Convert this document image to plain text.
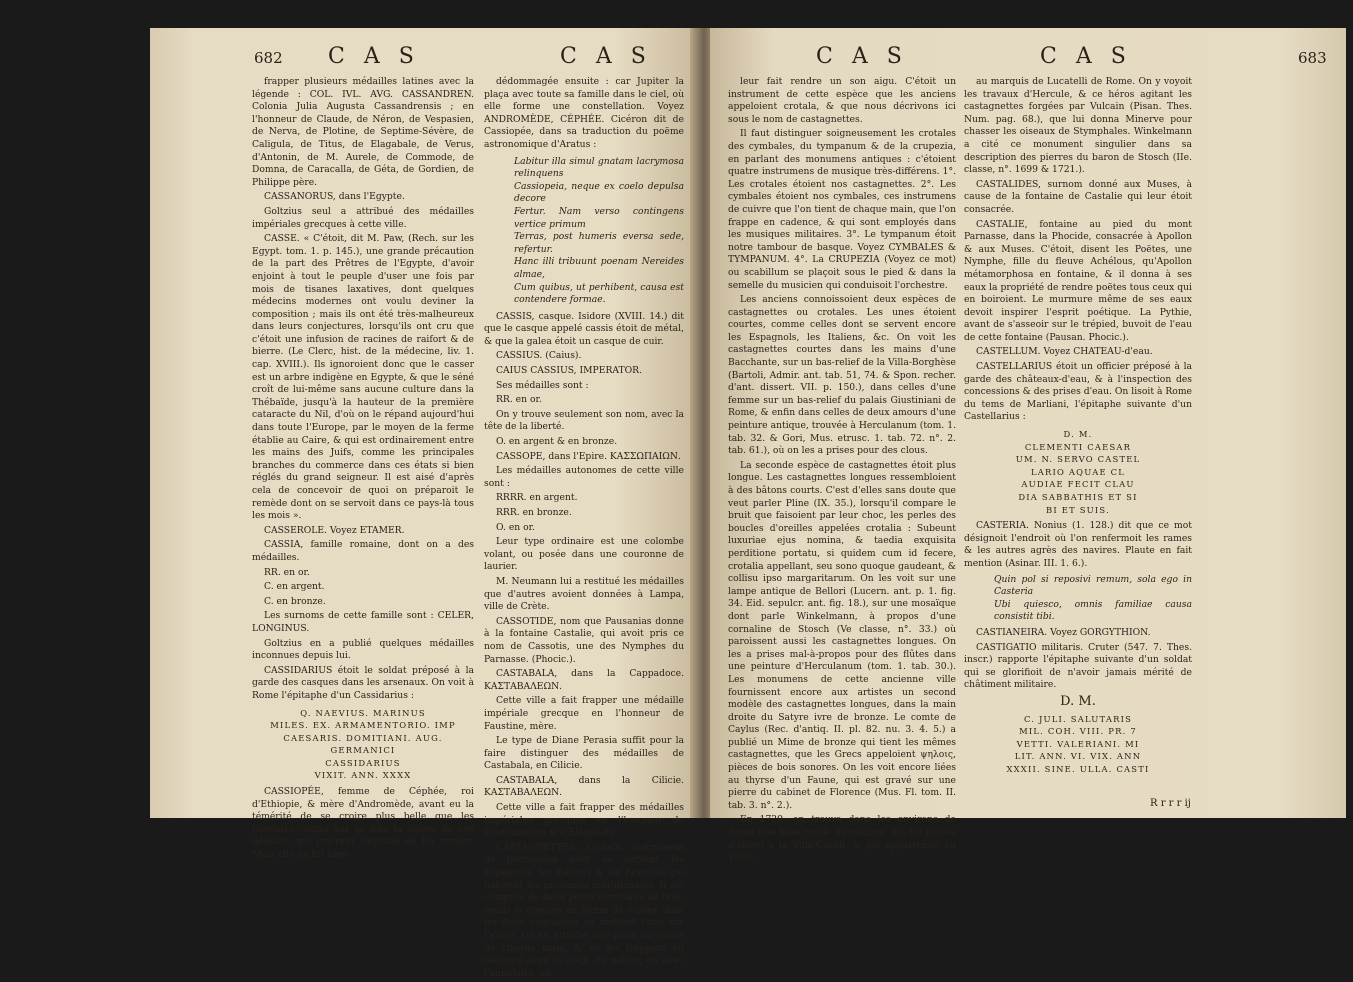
682 C A S	C A S

frapper plusieurs médailles latines avec la légende : COL. IVL. AVG. CASSANDREN. Colonia Julia Augusta Cassandrensis ; en l'honneur de Claude, de Néron, de Vespasien, de Nerva, de Plotine, de Septime-Sévère, de Caligula, de Titus, de Elagabale, de Verus, d'Antonin, de M. Aurele, de Commode, de Domna, de Caracalla, de Géta, de Gordien, de Philippe père.

CASSANORUS, dans l'Egypte.

Goltzius seul a attribué des médailles impériales grecques à cette ville.

CASSE. « C'étoit, dit M. Paw, (Rech. sur les Egypt. tom. 1. p. 145.), une grande précaution de la part des Prêtres de l'Egypte, d'avoir enjoint à tout le peuple d'user une fois par mois de tisanes laxatives, dont quelques médecins modernes ont voulu deviner la composition ; mais ils ont été très-malheureux dans leurs conjectures, lorsqu'ils ont cru que c'étoit une infusion de racines de raifort & de bierre. (Le Clerc, hist. de la médecine, liv. 1. cap. XVIII.). Ils ignoroient donc que le casser est un arbre indigène en Egypte, & que le séné croît de lui-même sans aucune culture dans la Thébaïde, jusqu'à la hauteur de la première cataracte du Nil, d'où on le répand aujourd'hui dans toute l'Europe, par le moyen de la ferme établie au Caire, & qui est ordinairement entre les mains des Juifs, comme les principales branches du commerce dans ces états si bien réglés du grand seigneur. Il est aisé d'après cela de concevoir de quoi on préparoit le remède dont on se servoit dans ce pays-là tous les mois ».

CASSEROLE. Voyez ETAMER.

CASSIA, famille romaine, dont on a des médailles.

RR. en or.

C. en argent.

C. en bronze.

Les surnoms de cette famille sont : CELER, LONGINUS.

Goltzius en a publié quelques médailles inconnues depuis lui.

CASSIDARIUS étoit le soldat préposé à la garde des casques dans les arsenaux. On voit à Rome l'épitaphe d'un Cassidarius :

Q. NAEVIUS. MARINUS

MILES. EX. ARMAMENTORIO. IMP

CAESARIS. DOMITIANI. AUG. GERMANICI

CASSIDARIUS

VIXIT. ANN. XXXX

CASSIOPÉE, femme de Céphée, roi d'Ethiopie, & mère d'Andromède, avant eu la témérité de se croire plus belle que les Néréides, attira sur sa fille la colère de ces déesses, qui prièrent Neptune de les venger. Mais elle en fut bien

dédommagée ensuite : car Jupiter la plaça avec toute sa famille dans le ciel, où elle forme une constellation. Voyez ANDROMÈDE, CÉPHÉE. Cicéron dit de Cassiopée, dans sa traduction du poëme astronomique d'Aratus :

Labitur illa simul gnatam lacrymosa relinquens

Cassiopeia, neque ex coelo depulsa decore

Fertur. Nam verso contingens vertice primum

Terras, post humeris eversa sede, refertur.

Hanc illi tribuunt poenam Nereides almae,

Cum quibus, ut perhibent, causa est contendere formae.

CASSIS, casque. Isidore (XVIII. 14.) dit que le casque appelé cassis étoit de métal, & que la galea étoit un casque de cuir.

CASSIUS. (Caius).

CAIUS CASSIUS, IMPERATOR.

Ses médailles sont :

RR. en or.

On y trouve seulement son nom, avec la tête de la liberté.

O. en argent & en bronze.

CASSOPE, dans l'Epire. ΚΑΣΣΩΠΑΙΩΝ.

Les médailles autonomes de cette ville sont :

RRRR. en argent.

RRR. en bronze.

O. en or.

Leur type ordinaire est une colombe volant, ou posée dans une couronne de laurier.

M. Neumann lui a restitué les médailles que d'autres avoient données à Lampa, ville de Crète.

CASSOTIDE, nom que Pausanias donne à la fontaine Castalie, qui avoit pris ce nom de Cassotis, une des Nymphes du Parnasse. (Phocic.).

CASTABALA, dans la Cappadoce. ΚΑΣΤΑΒΑΛΕΩΝ.

Cette ville a fait frapper une médaille impériale grecque en l'honneur de Faustine, mère.

Le type de Diane Perasia suffit pour la faire distinguer des médailles de Castabala, en Cilicie.

CASTABALA, dans la Cilicie. ΚΑΣΤΑΒΑΛΕΩΝ.

Cette ville a fait frapper des médailles impériales grecques en l'honneur de Diadumenien & d'Elagabale.

CASTAGNETTES, Crotala. Instrument de percussion dont se servent les Espagnols, les Italiens & les François qui habitent les provinces méridionales. Il est composé de deux petits morceaux de bois, ronds & creusés en forme de cuiller, dont les deux concavités se mettent l'une sur l'autre. On en attache une paire au pouce de chaque main, & en les frappant en cadence avec le doigt du milieu, on avec l'annulaire, on

C A S	C A S	683

leur fait rendre un son aigu. C'étoit un instrument de cette espèce que les anciens appeloient crotala, & que nous décrivons ici sous le nom de castagnettes.

Il faut distinguer soigneusement les crotales des cymbales, du tympanum & de la crupezia, en parlant des monumens antiques : c'étoient quatre instrumens de musique très-différens. 1°. Les crotales étoient nos castagnettes. 2°. Les cymbales étoient nos cymbales, ces instrumens de cuivre que l'on tient de chaque main, que l'on frappe en cadence, & qui sont employés dans les musiques militaires. 3°. Le tympanum étoit notre tambour de basque. Voyez CYMBALES & TYMPANUM. 4°. La CRUPEZIA (Voyez ce mot) ou scabillum se plaçoit sous le pied & dans la semelle du musicien qui conduisoit l'orchestre.

Les anciens connoissoient deux espèces de castagnettes ou crotales. Les unes étoient courtes, comme celles dont se servent encore les Espagnols, les Italiens, &c. On voit les castagnettes courtes dans les mains d'une Bacchante, sur un bas-relief de la Villa-Borghèse (Bartoli, Admir. ant. tab. 51, 74. & Spon. recher. d'ant. dissert. VII. p. 150.), dans celles d'une femme sur un bas-relief du palais Giustiniani de Rome, & enfin dans celles de deux amours d'une peinture antique, trouvée à Herculanum (tom. 1. tab. 32. & Gori, Mus. etrusc. 1. tab. 72. n°. 2. tab. 61.), où on les a prises pour des clous.

La seconde espèce de castagnettes étoit plus longue. Les castagnettes longues ressembloient à des bâtons courts. C'est d'elles sans doute que veut parler Pline (IX. 35.), lorsqu'il compare le bruit que faisoient par leur choc, les perles des boucles d'oreilles appelées crotalia : Subeunt luxuriae ejus nomina, & taedia exquisita perditione portatu, si quidem cum id fecere, crotalia appellant, seu sono quoque gaudeant, & collisu ipso margaritarum. On les voit sur une lampe antique de Bellori (Lucern. ant. p. 1. fig. 34. Eid. sepulcr. ant. fig. 18.), sur une mosaïque dont parle Winkelmann, à propos d'une cornaline de Stosch (Ve classe, n°. 33.) où paroissent aussi les castagnettes longues. On les a prises mal-à-propos pour des flûtes dans une peinture d'Herculanum (tom. 1. tab. 30.). Les monumens de cette ancienne ville fournissent encore aux artistes un second modèle des castagnettes longues, dans la main droite du Satyre ivre de bronze. Le comte de Caylus (Rec. d'antiq. II. pl. 82. nu. 3. 4. 5.) a publié un Mime de bronze qui tient les mêmes castagnettes, que les Grecs appeloient ψηλοις, pièces de bois sonores. On les voit encore liées au thyrse d'un Faune, qui est gravé sur une pierre du cabinet de Florence (Mus. Fl. tom. II. tab. 3. n°. 2.).

En 1729, on trouva dans les environs de Rome une base ronde de marbre, qui fut placée d'abord à la Villa-Casali, & qui appartenoit en 1760,

au marquis de Lucatelli de Rome. On y voyoit les travaux d'Hercule, & ce héros agitant les castagnettes forgées par Vulcain (Pisan. Thes. Num. pag. 68.), que lui donna Minerve pour chasser les oiseaux de Stymphales. Winkelmann a cité ce monument singulier dans sa description des pierres du baron de Stosch (IIe. classe, n°. 1699 & 1721.).

CASTALIDES, surnom donné aux Muses, à cause de la fontaine de Castalie qui leur étoit consacrée.

CASTALIE, fontaine au pied du mont Parnasse, dans la Phocide, consacrée à Apollon & aux Muses. C'étoit, disent les Poëtes, une Nymphe, fille du fleuve Achélous, qu'Apollon métamorphosa en fontaine, & il donna à ses eaux la propriété de rendre poëtes tous ceux qui en boiroient. Le murmure même de ses eaux devoit inspirer l'esprit poétique. La Pythie, avant de s'asseoir sur le trépied, buvoit de l'eau de cette fontaine (Pausan. Phocic.).

CASTELLUM. Voyez CHATEAU-d'eau.

CASTELLARIUS étoit un officier préposé à la garde des châteaux-d'eau, & à l'inspection des concessions & des prises d'eau. On lisoit à Rome du tems de Marliani, l'épitaphe suivante d'un Castellarius :

D. M.

CLEMENTI CAESAR

UM. N. SERVO CASTEL

LARIO AQUAE CL

AUDIAE FECIT CLAU

DIA SABBATHIS ET SI

BI ET SUIS.

CASTERIA. Nonius (1. 128.) dit que ce mot désignoit l'endroit où l'on renfermoit les rames & les autres agrès des navires. Plaute en fait mention (Asinar. III. 1. 6.).

Quin pol si reposivi remum, sola ego in Casteria

Ubi quiesco, omnis familiae causa consistit tibi.

CASTIANEIRA. Voyez GORGYTHION.

CASTIGATIO militaris. Cruter (547. 7. Thes. inscr.) rapporte l'épitaphe suivante d'un soldat qui se glorifioit de n'avoir jamais mérité de châtiment militaire.

D. M.

C. JULI. SALUTARIS

MIL. COH. VIII. PR. 7

VETTI. VALERIANI. MI

LIT. ANN. VI. VIX. ANN

XXXII. SINE. ULLA. CASTI

R r r r ij
